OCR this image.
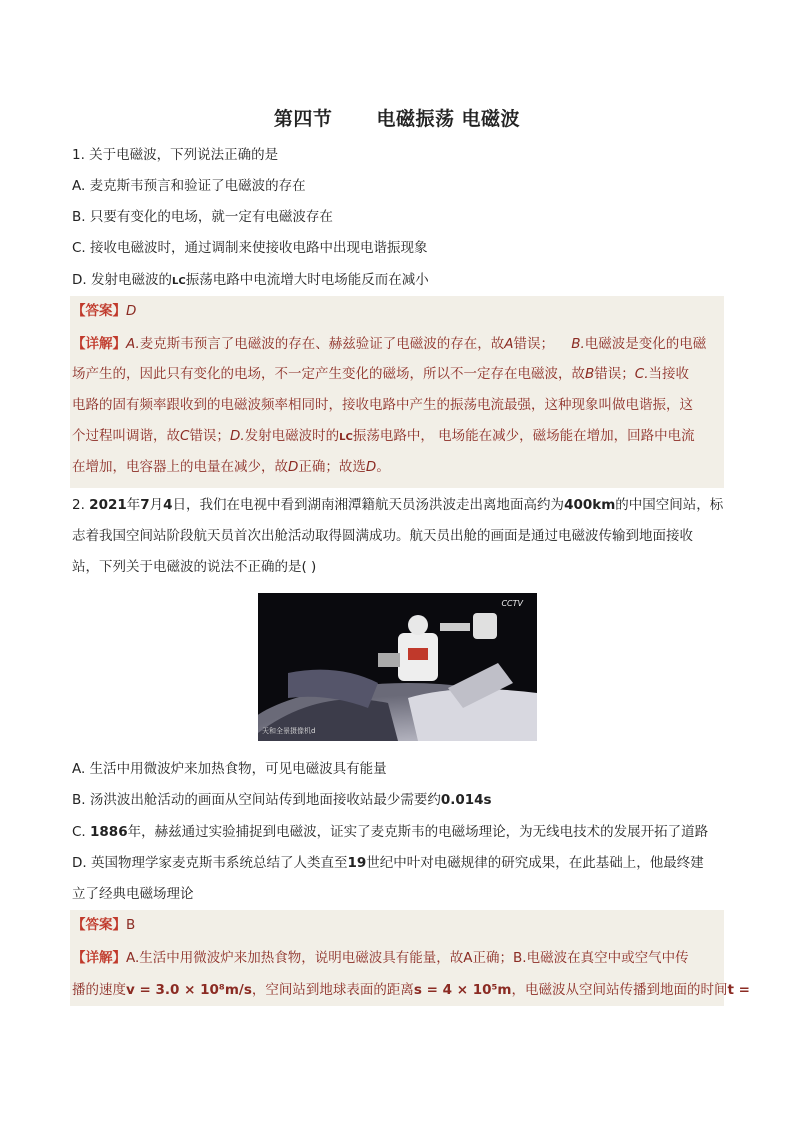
第四节 电磁振荡 电磁波
1. 关于电磁波，下列说法正确的是
A. 麦克斯韦预言和验证了电磁波的存在
B. 只要有变化的电场，就一定有电磁波存在
C. 接收电磁波时，通过调制来使接收电路中出现电谐振现象
D. 发射电磁波的LC振荡电路中电流增大时电场能反而在减小
【答案】D
【详解】A.麦克斯韦预言了电磁波的存在、赫兹验证了电磁波的存在，故A错误； B.电磁波是变化的电磁
场产生的，因此只有变化的电场，不一定产生变化的磁场，所以不一定存在电磁波，故B错误；C.当接收
电路的固有频率跟收到的电磁波频率相同时，接收电路中产生的振荡电流最强，这种现象叫做电谐振，这
个过程叫调谐，故C错误；D.发射电磁波时的LC振荡电路中， 电场能在减少，磁场能在增加，回路中电流
在增加，电容器上的电量在减少，故D正确；故选D。
2. 2021年7月4日，我们在电视中看到湖南湘潭籍航天员汤洪波走出离地面高约为400km的中国空间站，标
志着我国空间站阶段航天员首次出舱活动取得圆满成功。航天员出舱的画面是通过电磁波传输到地面接收
站，下列关于电磁波的说法不正确的是( )
CCTV
天和全景摄像机d
A. 生活中用微波炉来加热食物，可见电磁波具有能量
B. 汤洪波出舱活动的画面从空间站传到地面接收站最少需要约0.014s
C. 1886年，赫兹通过实验捕捉到电磁波，证实了麦克斯韦的电磁场理论，为无线电技术的发展开拓了道路
D. 英国物理学家麦克斯韦系统总结了人类直至19世纪中叶对电磁规律的研究成果，在此基础上，他最终建
立了经典电磁场理论
【答案】B
【详解】A.生活中用微波炉来加热食物，说明电磁波具有能量，故A正确；B.电磁波在真空中或空气中传
播的速度v = 3.0 × 10⁸m/s，空间站到地球表面的距离s = 4 × 10⁵m，电磁波从空间站传播到地面的时间t =
